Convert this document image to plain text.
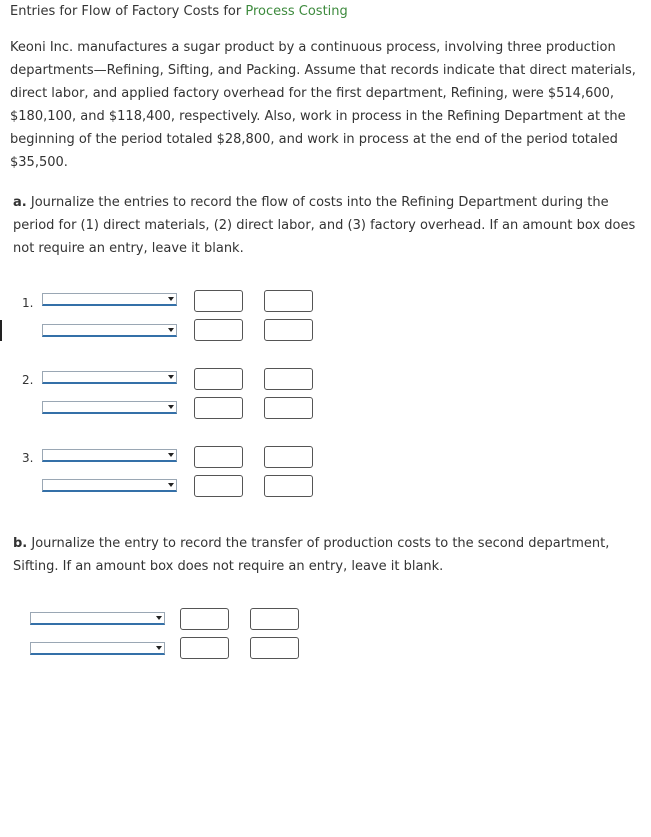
Entries for Flow of Factory Costs for Process Costing

Keoni Inc. manufactures a sugar product by a continuous process, involving three production departments—Refining, Sifting, and Packing. Assume that records indicate that direct materials, direct labor, and applied factory overhead for the first department, Refining, were $514,600, $180,100, and $118,400, respectively. Also, work in process in the Refining Department at the beginning of the period totaled $28,800, and work in process at the end of the period totaled $35,500.

a. Journalize the entries to record the flow of costs into the Refining Department during the period for (1) direct materials, (2) direct labor, and (3) factory overhead. If an amount box does not require an entry, leave it blank.

1.
2.
3.

b. Journalize the entry to record the transfer of production costs to the second department, Sifting. If an amount box does not require an entry, leave it blank.
